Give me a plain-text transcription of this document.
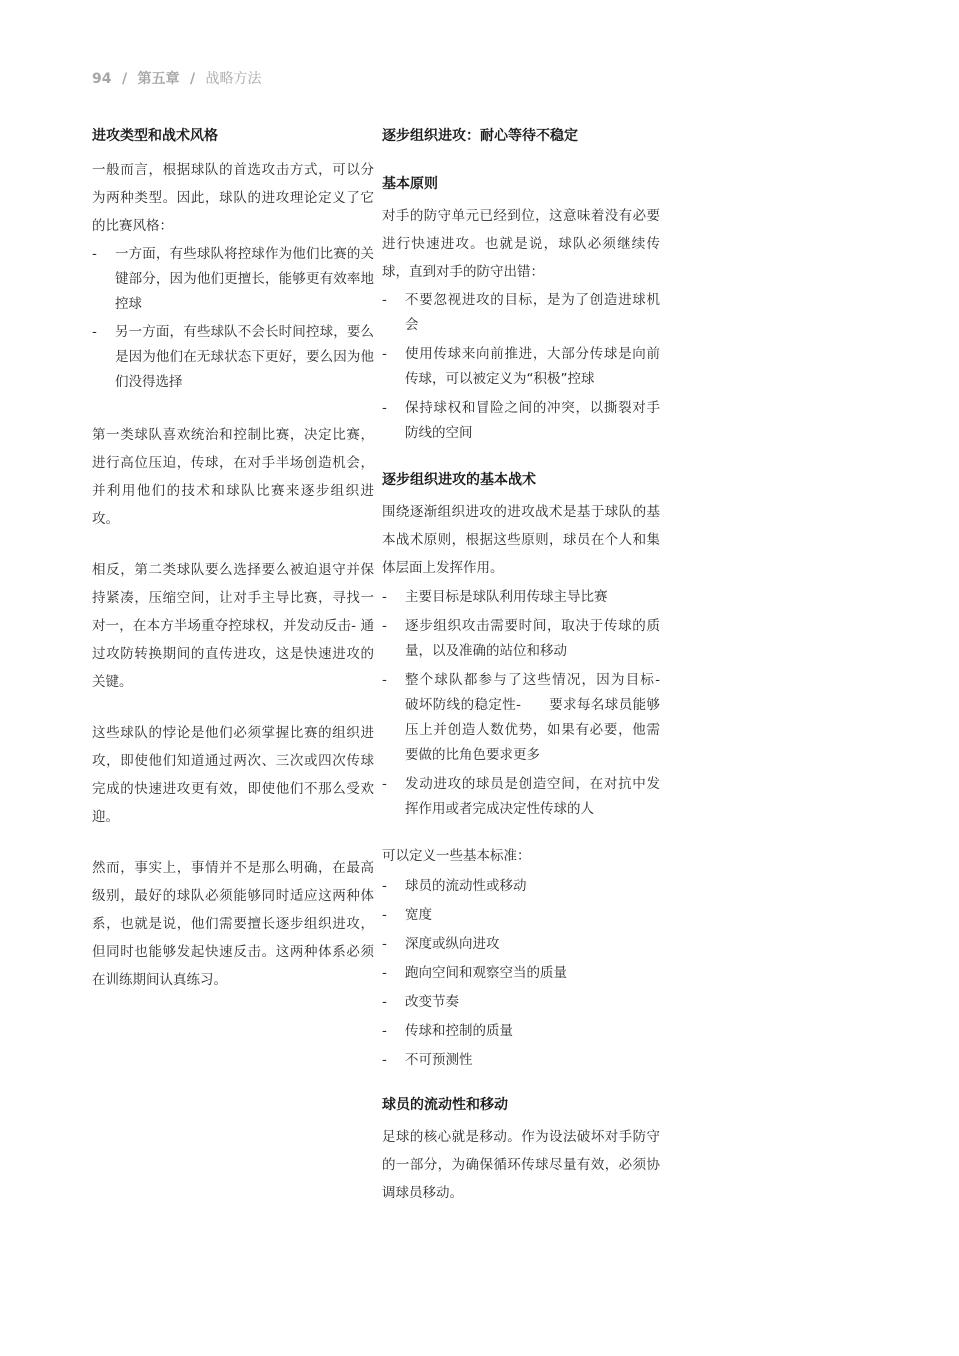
94 / 第五章 / 战略方法
进攻类型和战术风格

一般而言，根据球队的首选攻击方式，可以分为两种类型。因此，球队的进攻理论定义了它的比赛风格：

- 一方面，有些球队将控球作为他们比赛的关键部分，因为他们更擅长，能够更有效率地控球
- 另一方面，有些球队不会长时间控球，要么是因为他们在无球状态下更好，要么因为他们没得选择

第一类球队喜欢统治和控制比赛，决定比赛，进行高位压迫，传球，在对手半场创造机会，并利用他们的技术和球队比赛来逐步组织进攻。

相反，第二类球队要么选择要么被迫退守并保持紧凑，压缩空间，让对手主导比赛，寻找一对一，在本方半场重夺控球权，并发动反击- 通过攻防转换期间的直传进攻，这是快速进攻的关键。

这些球队的悖论是他们必须掌握比赛的组织进攻，即使他们知道通过两次、三次或四次传球完成的快速进攻更有效，即使他们不那么受欢迎。

然而，事实上，事情并不是那么明确，在最高级别，最好的球队必须能够同时适应这两种体系，也就是说，他们需要擅长逐步组织进攻，但同时也能够发起快速反击。这两种体系必须在训练期间认真练习。

逐步组织进攻：耐心等待不稳定
基本原则

对手的防守单元已经到位，这意味着没有必要进行快速进攻。也就是说，球队必须继续传球，直到对手的防守出错：

- 不要忽视进攻的目标，是为了创造进球机会
- 使用传球来向前推进，大部分传球是向前传球，可以被定义为“积极”控球
- 保持球权和冒险之间的冲突，以撕裂对手防线的空间
逐步组织进攻的基本战术

围绕逐渐组织进攻的进攻战术是基于球队的基本战术原则，根据这些原则，球员在个人和集体层面上发挥作用。

- 主要目标是球队利用传球主导比赛
- 逐步组织攻击需要时间，取决于传球的质量，以及准确的站位和移动
- 整个球队都参与了这些情况，因为目标-　　破坏防线的稳定性-　　要求每名球员能够压上并创造人数优势，如果有必要，他需要做的比角色要求更多
- 发动进攻的球员是创造空间，在对抗中发挥作用或者完成决定性传球的人

可以定义一些基本标准：

- 球员的流动性或移动
- 宽度
- 深度或纵向进攻
- 跑向空间和观察空当的质量
- 改变节奏
- 传球和控制的质量
- 不可预测性
球员的流动性和移动

足球的核心就是移动。作为设法破坏对手防守的一部分，为确保循环传球尽量有效，必须协调球员移动。
